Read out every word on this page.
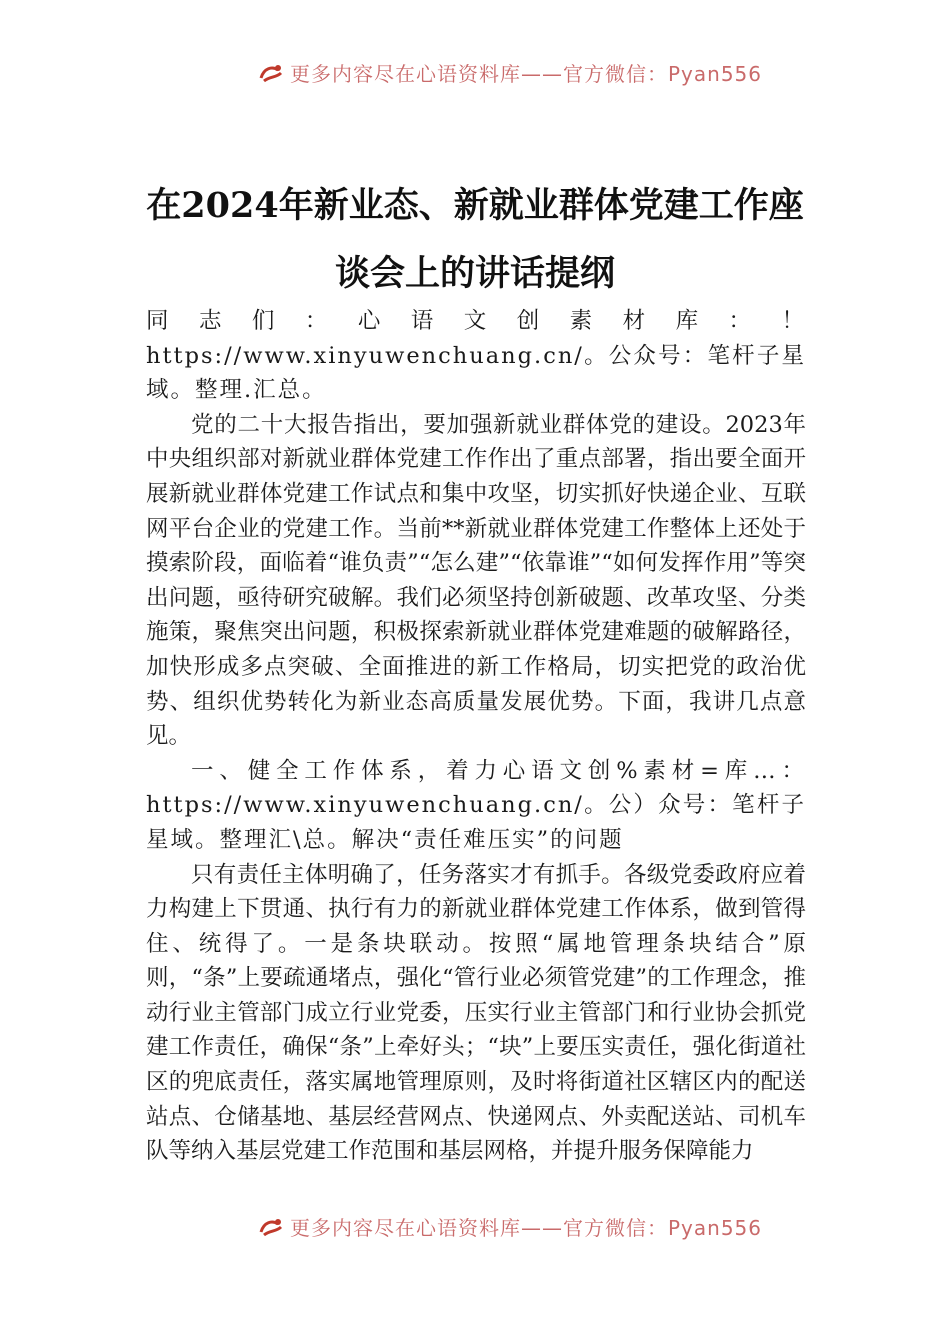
更多内容尽在心语资料库——官方微信：Pyan556
在2024年新业态、新就业群体党建工作座
谈会上的讲话提纲

同志们：心语文创素材库：！https://www.xinyuwenchuang.cn/。公众号：笔杆子星域。整理.汇总。

党的二十大报告指出，要加强新就业群体党的建设。2023年中央组织部对新就业群体党建工作作出了重点部署，指出要全面开展新就业群体党建工作试点和集中攻坚，切实抓好快递企业、互联网平台企业的党建工作。当前**新就业群体党建工作整体上还处于摸索阶段，面临着“谁负责”“怎么建”“依靠谁”“如何发挥作用”等突出问题，亟待研究破解。我们必须坚持创新破题、改革攻坚、分类施策，聚焦突出问题，积极探索新就业群体党建难题的破解路径，加快形成多点突破、全面推进的新工作格局，切实把党的政治优势、组织优势转化为新业态高质量发展优势。下面，我讲几点意见。

一、健全工作体系，着力心语文创%素材=库…：https://www.xinyuwenchuang.cn/。公）众号：笔杆子星域。整理汇\总。解决“责任难压实”的问题

只有责任主体明确了，任务落实才有抓手。各级党委政府应着力构建上下贯通、执行有力的新就业群体党建工作体系，做到管得住、统得了。一是条块联动。按照“属地管理条块结合”原则，“条”上要疏通堵点，强化“管行业必须管党建”的工作理念，推动行业主管部门成立行业党委，压实行业主管部门和行业协会抓党建工作责任，确保“条”上牵好头；“块”上要压实责任，强化街道社区的兜底责任，落实属地管理原则，及时将街道社区辖区内的配送站点、仓储基地、基层经营网点、快递网点、外卖配送站、司机车队等纳入基层党建工作范围和基层网格，并提升服务保障能力

更多内容尽在心语资料库——官方微信：Pyan556
